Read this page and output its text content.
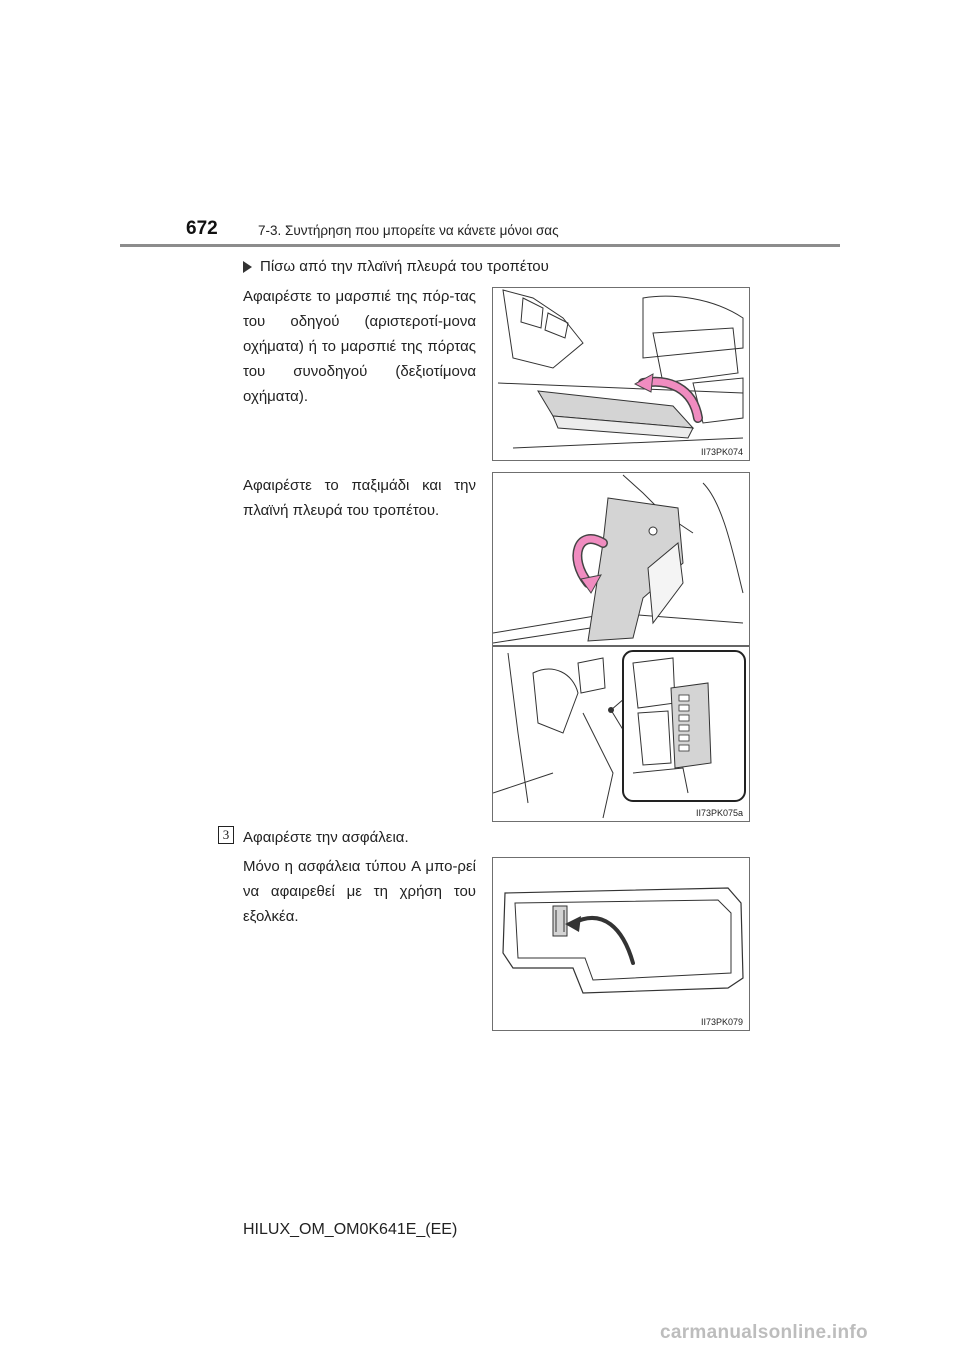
672	7-3. Συντήρηση που μπορείτε να κάνετε μόνοι σας
Πίσω από την πλαϊνή πλευρά του τροπέτου
Αφαιρέστε το μαρσπιέ της πόρ-τας του οδηγού (αριστεροτί-μονα οχήματα) ή το μαρσπιέ της πόρτας του συνοδηγού (δεξιοτίμονα οχήματα).
Αφαιρέστε το παξιμάδι και την πλαϊνή πλευρά του τροπέτου.
3 Αφαιρέστε την ασφάλεια.
Μόνο η ασφάλεια τύπου A μπο-ρεί να αφαιρεθεί με τη χρήση του εξολκέα.
II73PK074
II73PK075a
II73PK079
HILUX_OM_OM0K641E_(EE)
carmanualsonline.info
